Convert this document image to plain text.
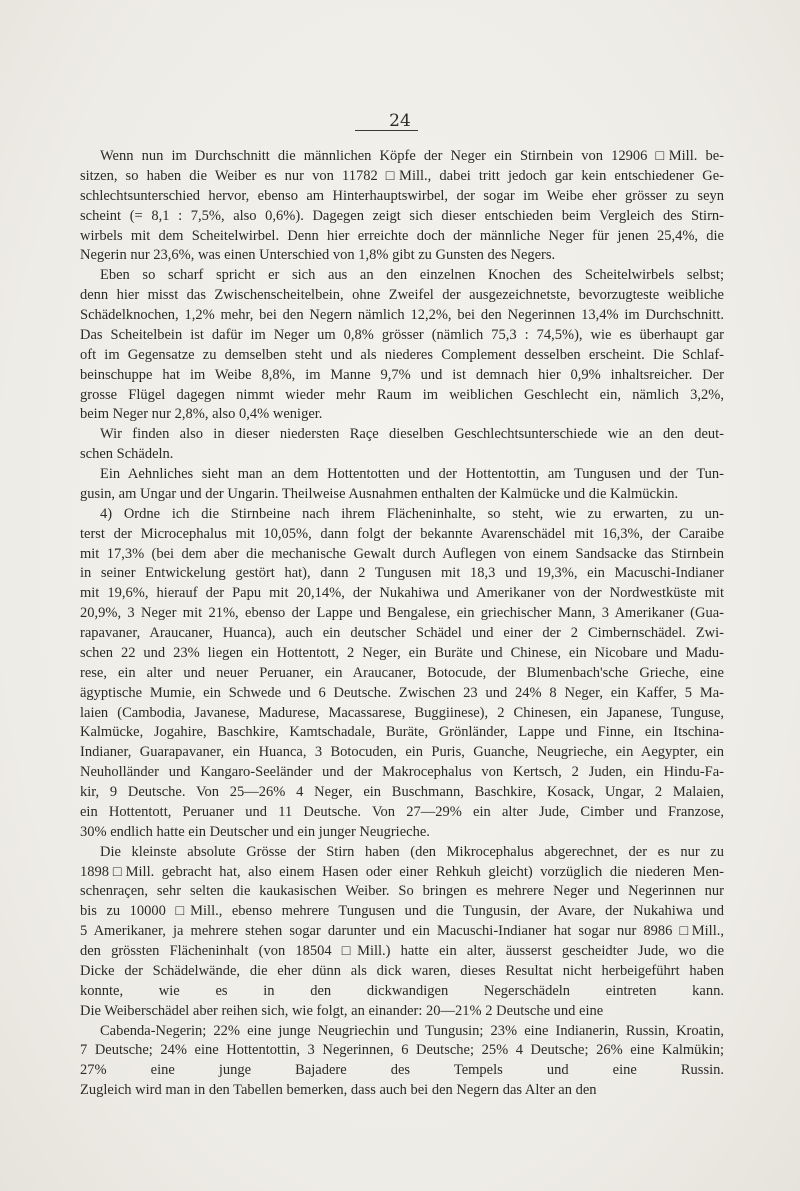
24

Wenn nun im Durchschnitt die männlichen Köpfe der Neger ein Stirnbein von 12906 □Mill. be-

sitzen, so haben die Weiber es nur von 11782 □Mill., dabei tritt jedoch gar kein entschiedener Ge-

schlechtsunterschied hervor, ebenso am Hinterhauptswirbel, der sogar im Weibe eher grösser zu seyn

scheint (= 8,1 : 7,5%, also 0,6%). Dagegen zeigt sich dieser entschieden beim Vergleich des Stirn-

wirbels mit dem Scheitelwirbel. Denn hier erreichte doch der männliche Neger für jenen 25,4%, die

Negerin nur 23,6%, was einen Unterschied von 1,8% gibt zu Gunsten des Negers.

Eben so scharf spricht er sich aus an den einzelnen Knochen des Scheitelwirbels selbst;

denn hier misst das Zwischenscheitelbein, ohne Zweifel der ausgezeichnetste, bevorzugteste weibliche

Schädelknochen, 1,2% mehr, bei den Negern nämlich 12,2%, bei den Negerinnen 13,4% im Durchschnitt.

Das Scheitelbein ist dafür im Neger um 0,8% grösser (nämlich 75,3 : 74,5%), wie es überhaupt gar

oft im Gegensatze zu demselben steht und als niederes Complement desselben erscheint. Die Schlaf-

beinschuppe hat im Weibe 8,8%, im Manne 9,7% und ist demnach hier 0,9% inhaltsreicher. Der

grosse Flügel dagegen nimmt wieder mehr Raum im weiblichen Geschlecht ein, nämlich 3,2%,

beim Neger nur 2,8%, also 0,4% weniger.

Wir finden also in dieser niedersten Raçe dieselben Geschlechtsunterschiede wie an den deut-

schen Schädeln.

Ein Aehnliches sieht man an dem Hottentotten und der Hottentottin, am Tungusen und der Tun-

gusin, am Ungar und der Ungarin. Theilweise Ausnahmen enthalten der Kalmücke und die Kalmückin.

4) Ordne ich die Stirnbeine nach ihrem Flächeninhalte, so steht, wie zu erwarten, zu un-

terst der Microcephalus mit 10,05%, dann folgt der bekannte Avarenschädel mit 16,3%, der Caraibe

mit 17,3% (bei dem aber die mechanische Gewalt durch Auflegen von einem Sandsacke das Stirnbein

in seiner Entwickelung gestört hat), dann 2 Tungusen mit 18,3 und 19,3%, ein Macuschi-Indianer

mit 19,6%, hierauf der Papu mit 20,14%, der Nukahiwa und Amerikaner von der Nordwestküste mit

20,9%, 3 Neger mit 21%, ebenso der Lappe und Bengalese, ein griechischer Mann, 3 Amerikaner (Gua-

rapavaner, Araucaner, Huanca), auch ein deutscher Schädel und einer der 2 Cimbernschädel. Zwi-

schen 22 und 23% liegen ein Hottentott, 2 Neger, ein Buräte und Chinese, ein Nicobare und Madu-

rese, ein alter und neuer Peruaner, ein Araucaner, Botocude, der Blumenbach'sche Grieche, eine

ägyptische Mumie, ein Schwede und 6 Deutsche. Zwischen 23 und 24% 8 Neger, ein Kaffer, 5 Ma-

laien (Cambodia, Javanese, Madurese, Macassarese, Buggiinese), 2 Chinesen, ein Japanese, Tunguse,

Kalmücke, Jogahire, Baschkire, Kamtschadale, Buräte, Grönländer, Lappe und Finne, ein Itschina-

Indianer, Guarapavaner, ein Huanca, 3 Botocuden, ein Puris, Guanche, Neugrieche, ein Aegypter, ein

Neuholländer und Kangaro-Seeländer und der Makrocephalus von Kertsch, 2 Juden, ein Hindu-Fa-

kir, 9 Deutsche. Von 25—26% 4 Neger, ein Buschmann, Baschkire, Kosack, Ungar, 2 Malaien,

ein Hottentott, Peruaner und 11 Deutsche. Von 27—29% ein alter Jude, Cimber und Franzose,

30% endlich hatte ein Deutscher und ein junger Neugrieche.

Die kleinste absolute Grösse der Stirn haben (den Mikrocephalus abgerechnet, der es nur zu

1898□Mill. gebracht hat, also einem Hasen oder einer Rehkuh gleicht) vorzüglich die niederen Men-

schenraçen, sehr selten die kaukasischen Weiber. So bringen es mehrere Neger und Negerinnen nur

bis zu 10000 □Mill., ebenso mehrere Tungusen und die Tungusin, der Avare, der Nukahiwa und

5 Amerikaner, ja mehrere stehen sogar darunter und ein Macuschi-Indianer hat sogar nur 8986 □Mill.,

den grössten Flächeninhalt (von 18504 □Mill.) hatte ein alter, äusserst gescheidter Jude, wo die

Dicke der Schädelwände, die eher dünn als dick waren, dieses Resultat nicht herbeigeführt haben

konnte, wie es in den dickwandigen Negerschädeln eintreten kann.

Die Weiberschädel aber reihen sich, wie folgt, an einander: 20—21% 2 Deutsche und eine

Cabenda-Negerin; 22% eine junge Neugriechin und Tungusin; 23% eine Indianerin, Russin, Kroatin,

7 Deutsche; 24% eine Hottentottin, 3 Negerinnen, 6 Deutsche; 25% 4 Deutsche; 26% eine Kalmükin;

27% eine junge Bajadere des Tempels und eine Russin.

Zugleich wird man in den Tabellen bemerken, dass auch bei den Negern das Alter an den
